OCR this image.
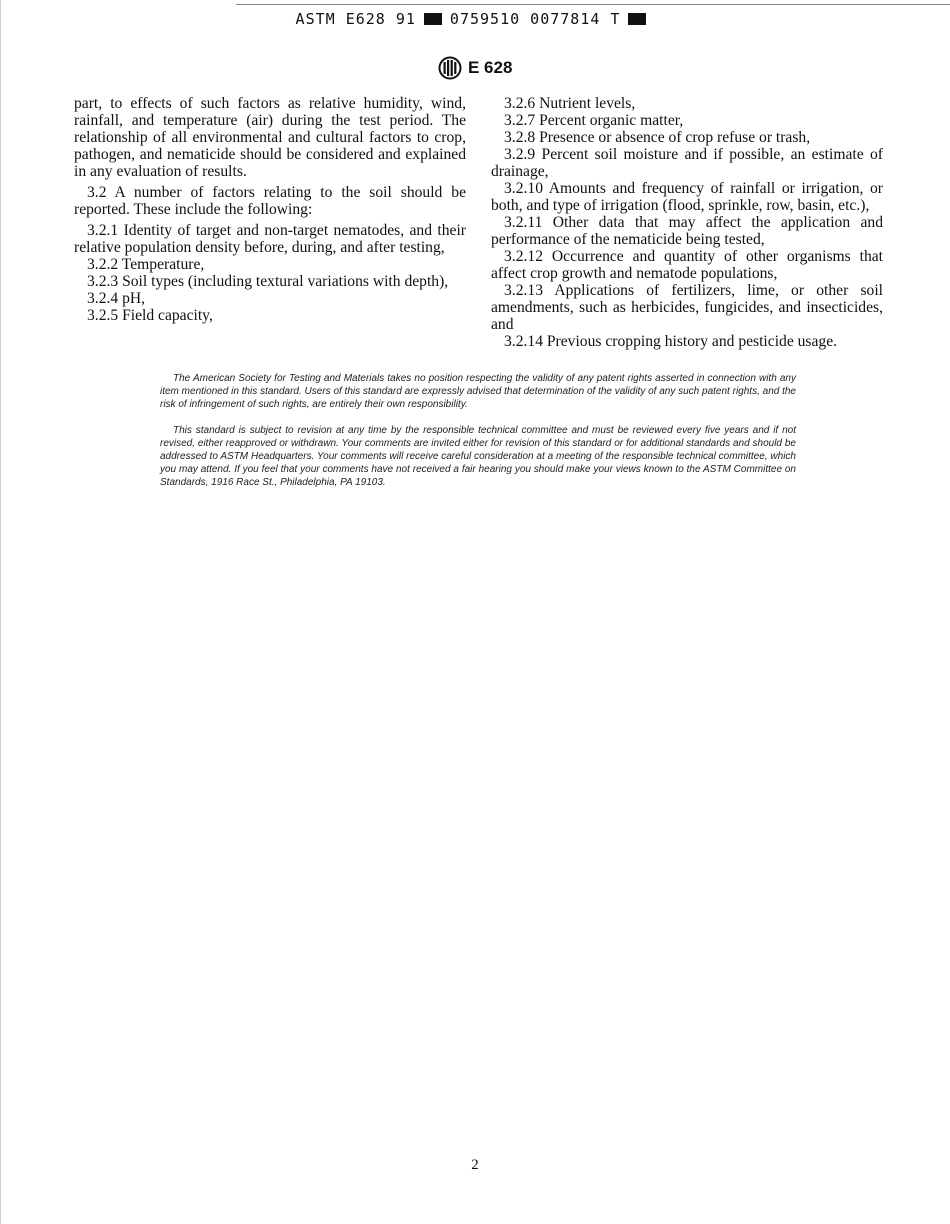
ASTM E628 91 0759510 0077814 T
E 628

part, to effects of such factors as relative humidity, wind, rainfall, and temperature (air) during the test period. The relationship of all environmental and cultural factors to crop, pathogen, and nematicide should be considered and explained in any evaluation of results.

3.2 A number of factors relating to the soil should be reported. These include the following:

3.2.1 Identity of target and non-target nematodes, and their relative population density before, during, and after testing,

3.2.2 Temperature,

3.2.3 Soil types (including textural variations with depth),

3.2.4 pH,

3.2.5 Field capacity,

3.2.6 Nutrient levels,

3.2.7 Percent organic matter,

3.2.8 Presence or absence of crop refuse or trash,

3.2.9 Percent soil moisture and if possible, an estimate of drainage,

3.2.10 Amounts and frequency of rainfall or irrigation, or both, and type of irrigation (flood, sprinkle, row, basin, etc.),

3.2.11 Other data that may affect the application and performance of the nematicide being tested,

3.2.12 Occurrence and quantity of other organisms that affect crop growth and nematode populations,

3.2.13 Applications of fertilizers, lime, or other soil amendments, such as herbicides, fungicides, and insecticides, and

3.2.14 Previous cropping history and pesticide usage.

The American Society for Testing and Materials takes no position respecting the validity of any patent rights asserted in connection with any item mentioned in this standard. Users of this standard are expressly advised that determination of the validity of any such patent rights, and the risk of infringement of such rights, are entirely their own responsibility.

This standard is subject to revision at any time by the responsible technical committee and must be reviewed every five years and if not revised, either reapproved or withdrawn. Your comments are invited either for revision of this standard or for additional standards and should be addressed to ASTM Headquarters. Your comments will receive careful consideration at a meeting of the responsible technical committee, which you may attend. If you feel that your comments have not received a fair hearing you should make your views known to the ASTM Committee on Standards, 1916 Race St., Philadelphia, PA 19103.

2
